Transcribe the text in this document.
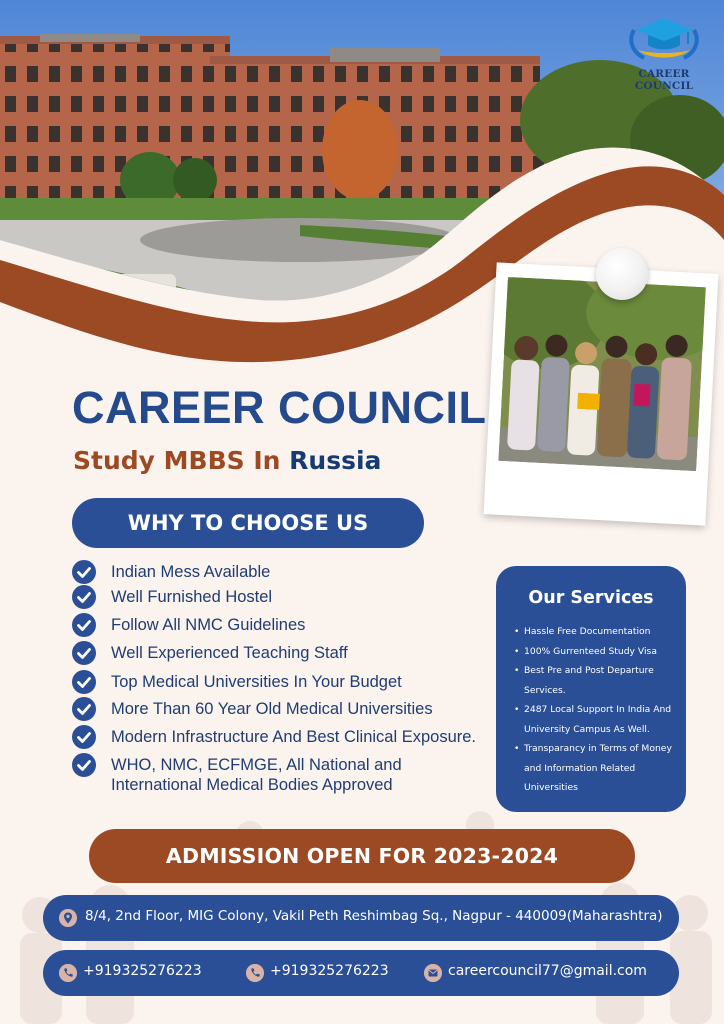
CAREER COUNCIL
CAREER COUNCIL
Study MBBS In Russia
WHY TO CHOOSE US
Indian Mess Available
Well Furnished Hostel
Follow All NMC Guidelines
Well Experienced Teaching Staff
Top Medical Universities In Your Budget
More Than 60 Year Old Medical Universities
Modern Infrastructure And Best Clinical Exposure.
WHO, NMC, ECFMGE, All National and
International Medical Bodies Approved
Our Services
• Hassle Free Documentation
• 100% Gurrenteed Study Visa
• Best Pre and Post Departure Services.
• 2487 Local Support In India And University Campus As Well.
• Transparancy in Terms of Money and Information Related Universities
ADMISSION OPEN FOR 2023-2024
8/4, 2nd Floor, MIG Colony, Vakil Peth Reshimbag Sq., Nagpur - 440009(Maharashtra)
+919325276223	+919325276223	careercouncil77@gmail.com
